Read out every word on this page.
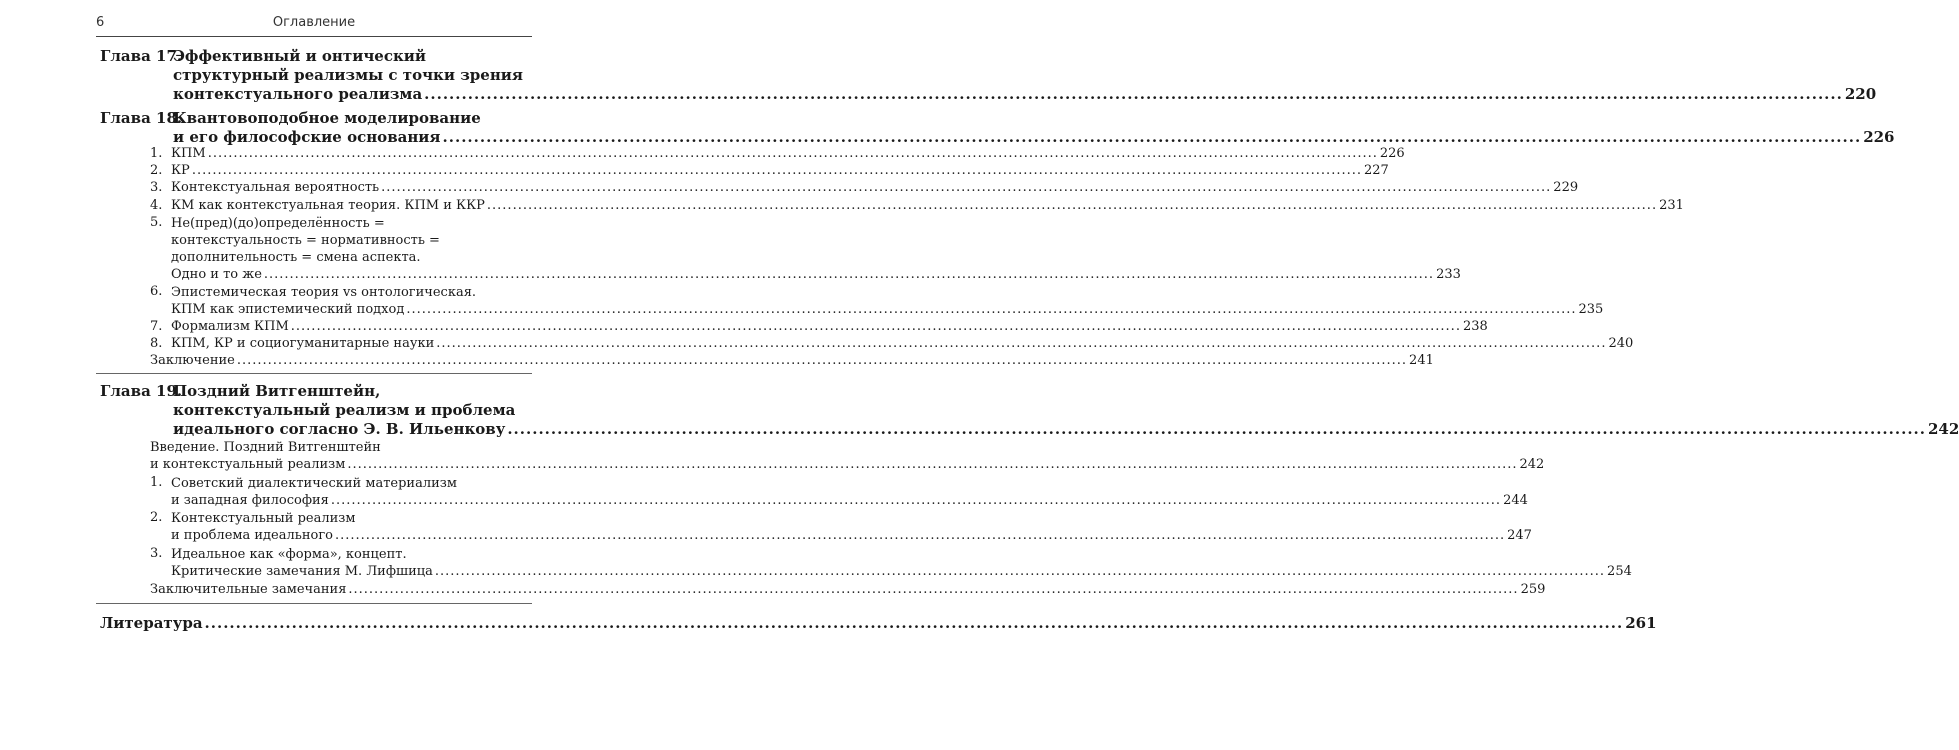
6	Оглавление
Глава 17.
Эффективный и онтический
структурный реализмы с точки зрения
контекстуального реализма .................................................................................................................................................................................................................................... 220
Глава 18.
Квантовоподобное моделирование
и его философские основания .................................................................................................................................................................................................................................... 226
1. КПМ .................................................................................................................................................................................................................................... 226
2. КР .................................................................................................................................................................................................................................... 227
3. Контекстуальная вероятность .................................................................................................................................................................................................................................... 229
4. КМ как контекстуальная теория. КПМ и ККР .................................................................................................................................................................................................................................... 231
5. Не(пред)(до)определённость =
контекстуальность = нормативность =
дополнительность = смена аспекта.
Одно и то же .................................................................................................................................................................................................................................... 233
6. Эпистемическая теория vs онтологическая.
КПМ как эпистемический подход .................................................................................................................................................................................................................................... 235
7. Формализм КПМ .................................................................................................................................................................................................................................... 238
8. КПМ, КР и социогуманитарные науки .................................................................................................................................................................................................................................... 240
Заключение .................................................................................................................................................................................................................................... 241
Глава 19.
Поздний Витгенштейн,
контекстуальный реализм и проблема
идеального согласно Э. В. Ильенкову .................................................................................................................................................................................................................................... 242
Введение. Поздний Витгенштейн
и контекстуальный реализм .................................................................................................................................................................................................................................... 242
1. Советский диалектический материализм
и западная философия .................................................................................................................................................................................................................................... 244
2. Контекстуальный реализм
и проблема идеального .................................................................................................................................................................................................................................... 247
3. Идеальное как «форма», концепт.
Критические замечания М. Лифшица .................................................................................................................................................................................................................................... 254
Заключительные замечания .................................................................................................................................................................................................................................... 259
Литература .................................................................................................................................................................................................................................... 261
